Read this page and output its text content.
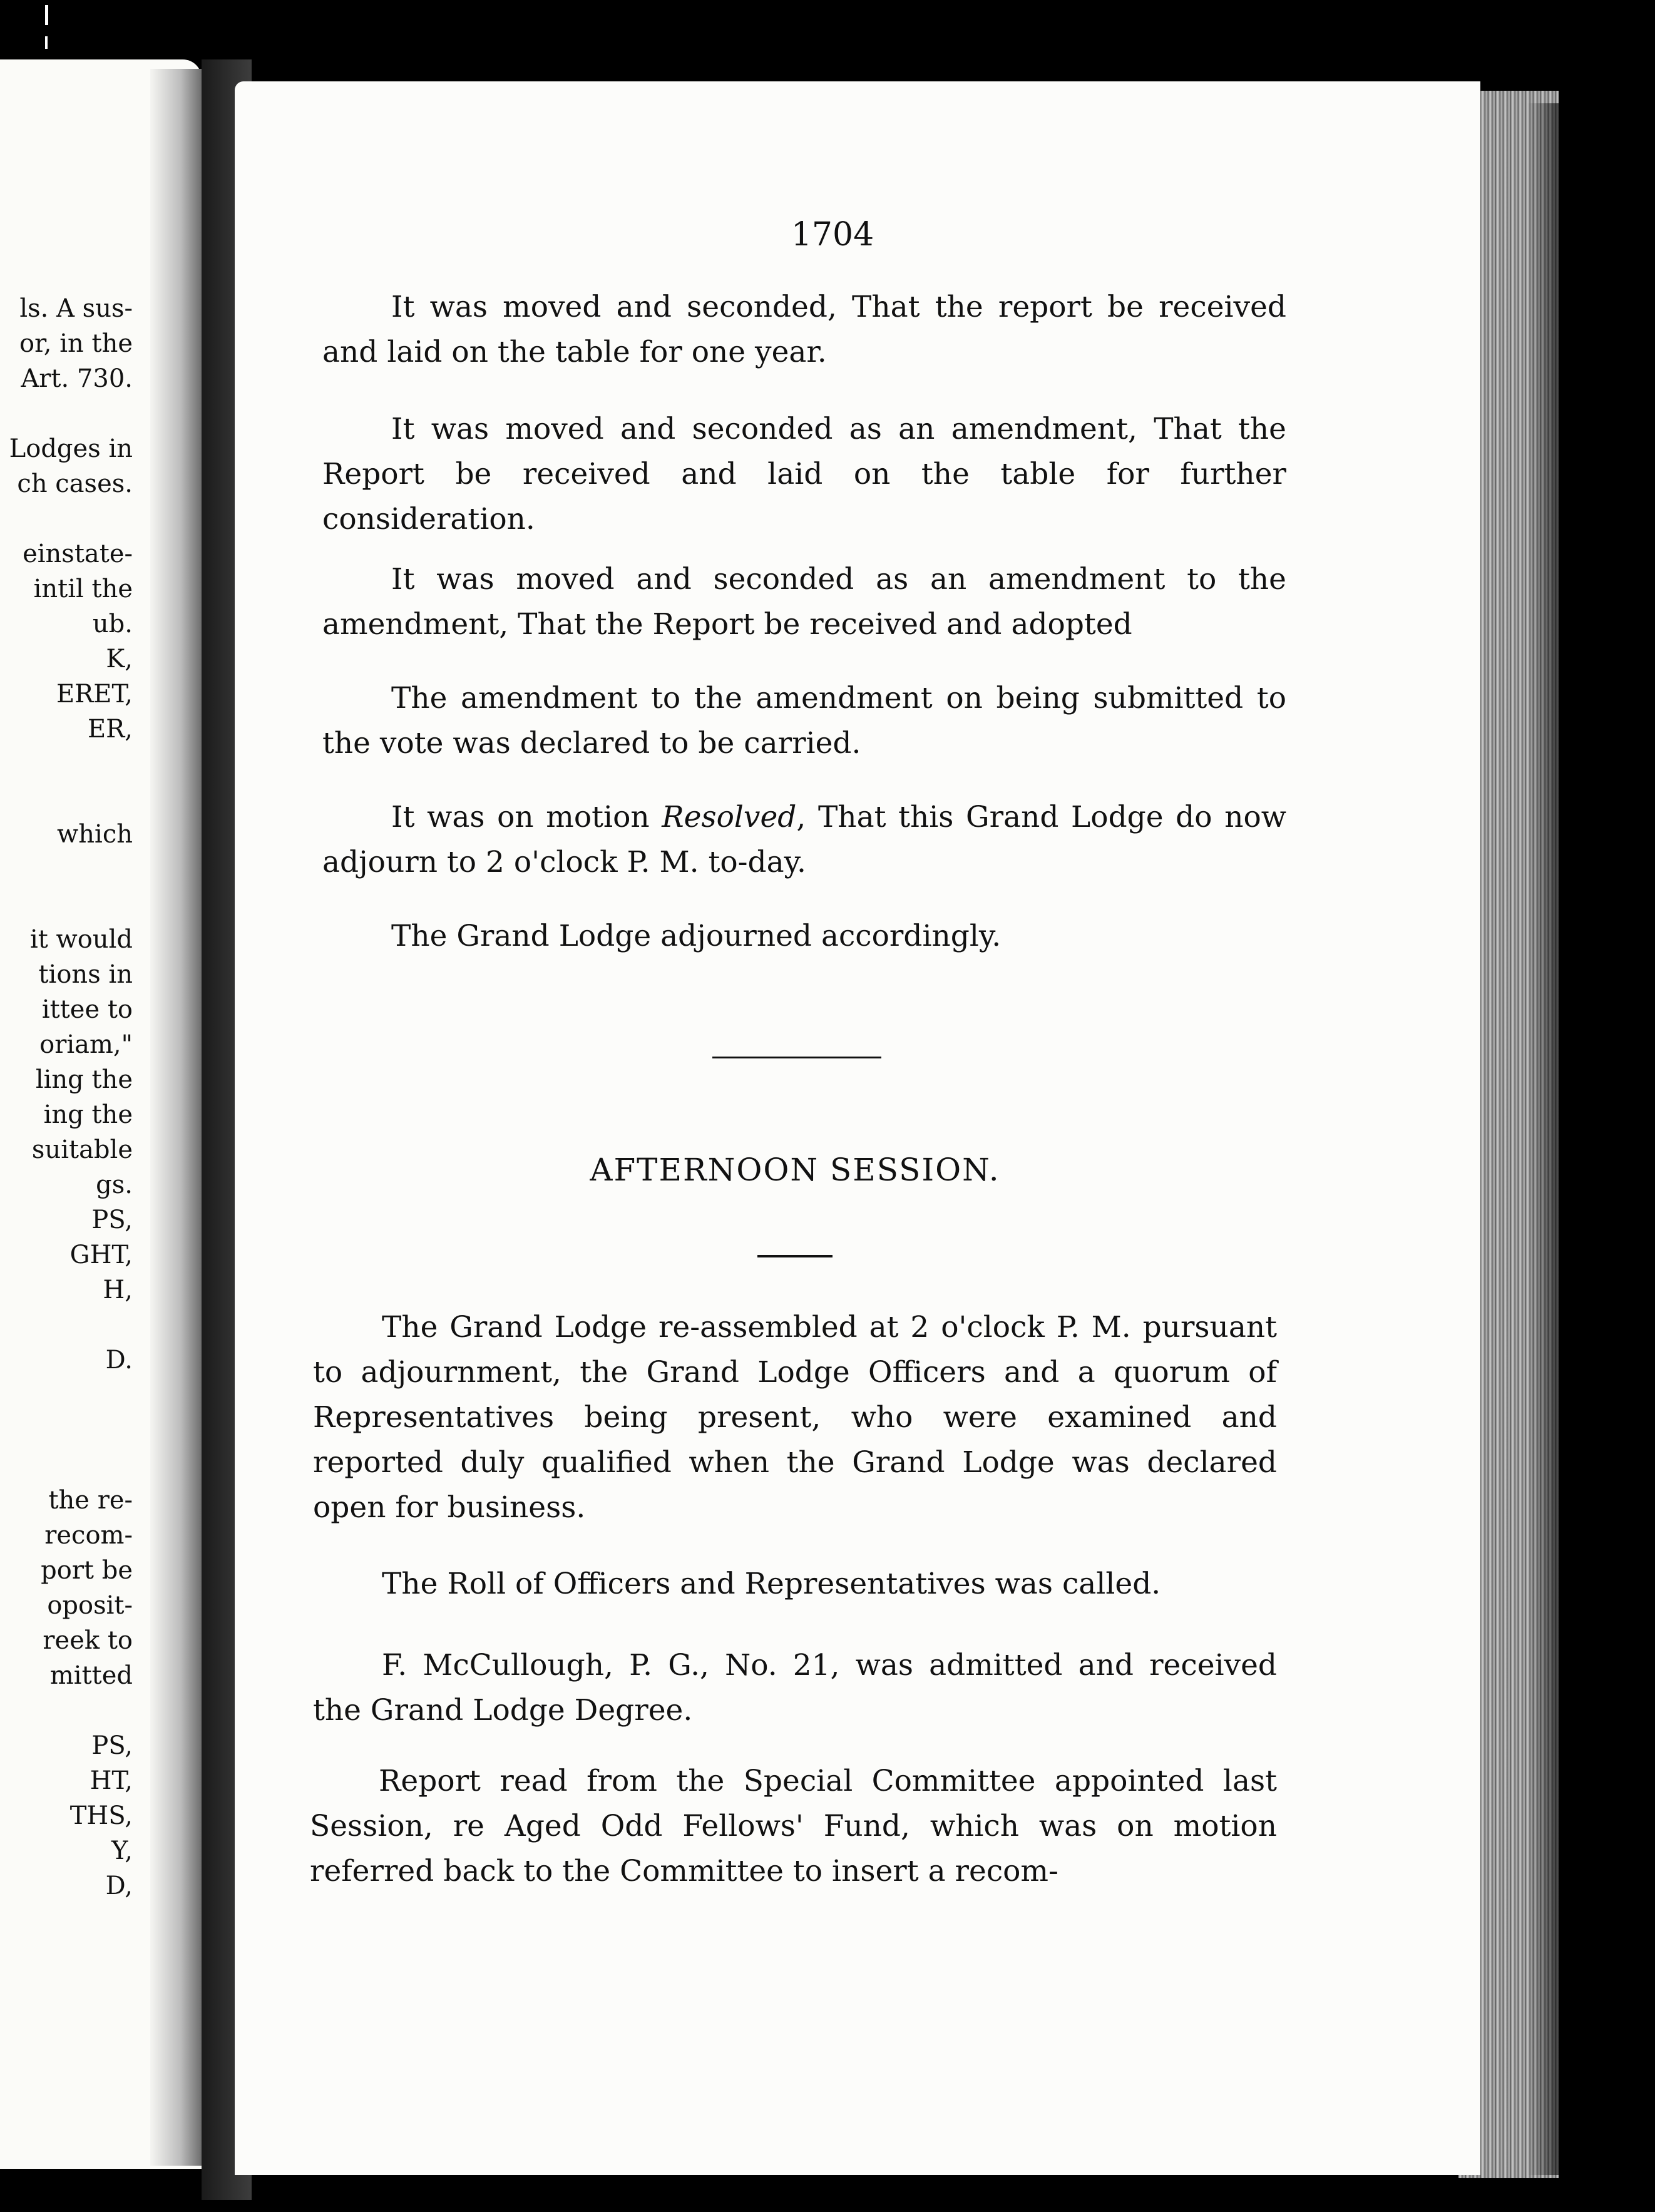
ls. A sus-

or, in the

Art. 730.

Lodges in

ch cases.

einstate-

intil the

ub.

K,

ERET,

ER,

which

it would

tions in

ittee to

oriam,"

ling the

ing the

suitable

gs.

PS,

GHT,

H,

D.

the re-

recom-

port be

oposit-

reek to

mitted

PS,

HT,

THS,

Y,

D,

1704

It was moved and seconded, That the report be received and laid on the table for one year.

It was moved and seconded as an amendment, That the Report be received and laid on the table for further consideration.

It was moved and seconded as an amendment to the amendment, That the Report be received and adopted

The amendment to the amendment on being submitted to the vote was declared to be carried.

It was on motion Resolved, That this Grand Lodge do now adjourn to 2 o'clock P. M. to-day.

The Grand Lodge adjourned accordingly.

AFTERNOON SESSION.

The Grand Lodge re-assembled at 2 o'clock P. M. pursuant to adjournment, the Grand Lodge Officers and a quorum of Representatives being present, who were examined and reported duly qualified when the Grand Lodge was declared open for business.

The Roll of Officers and Representatives was called.

F. McCullough, P. G., No. 21, was admitted and received the Grand Lodge Degree.

Report read from the Special Committee appointed last Session, re Aged Odd Fellows' Fund, which was on motion referred back to the Committee to insert a recom-
